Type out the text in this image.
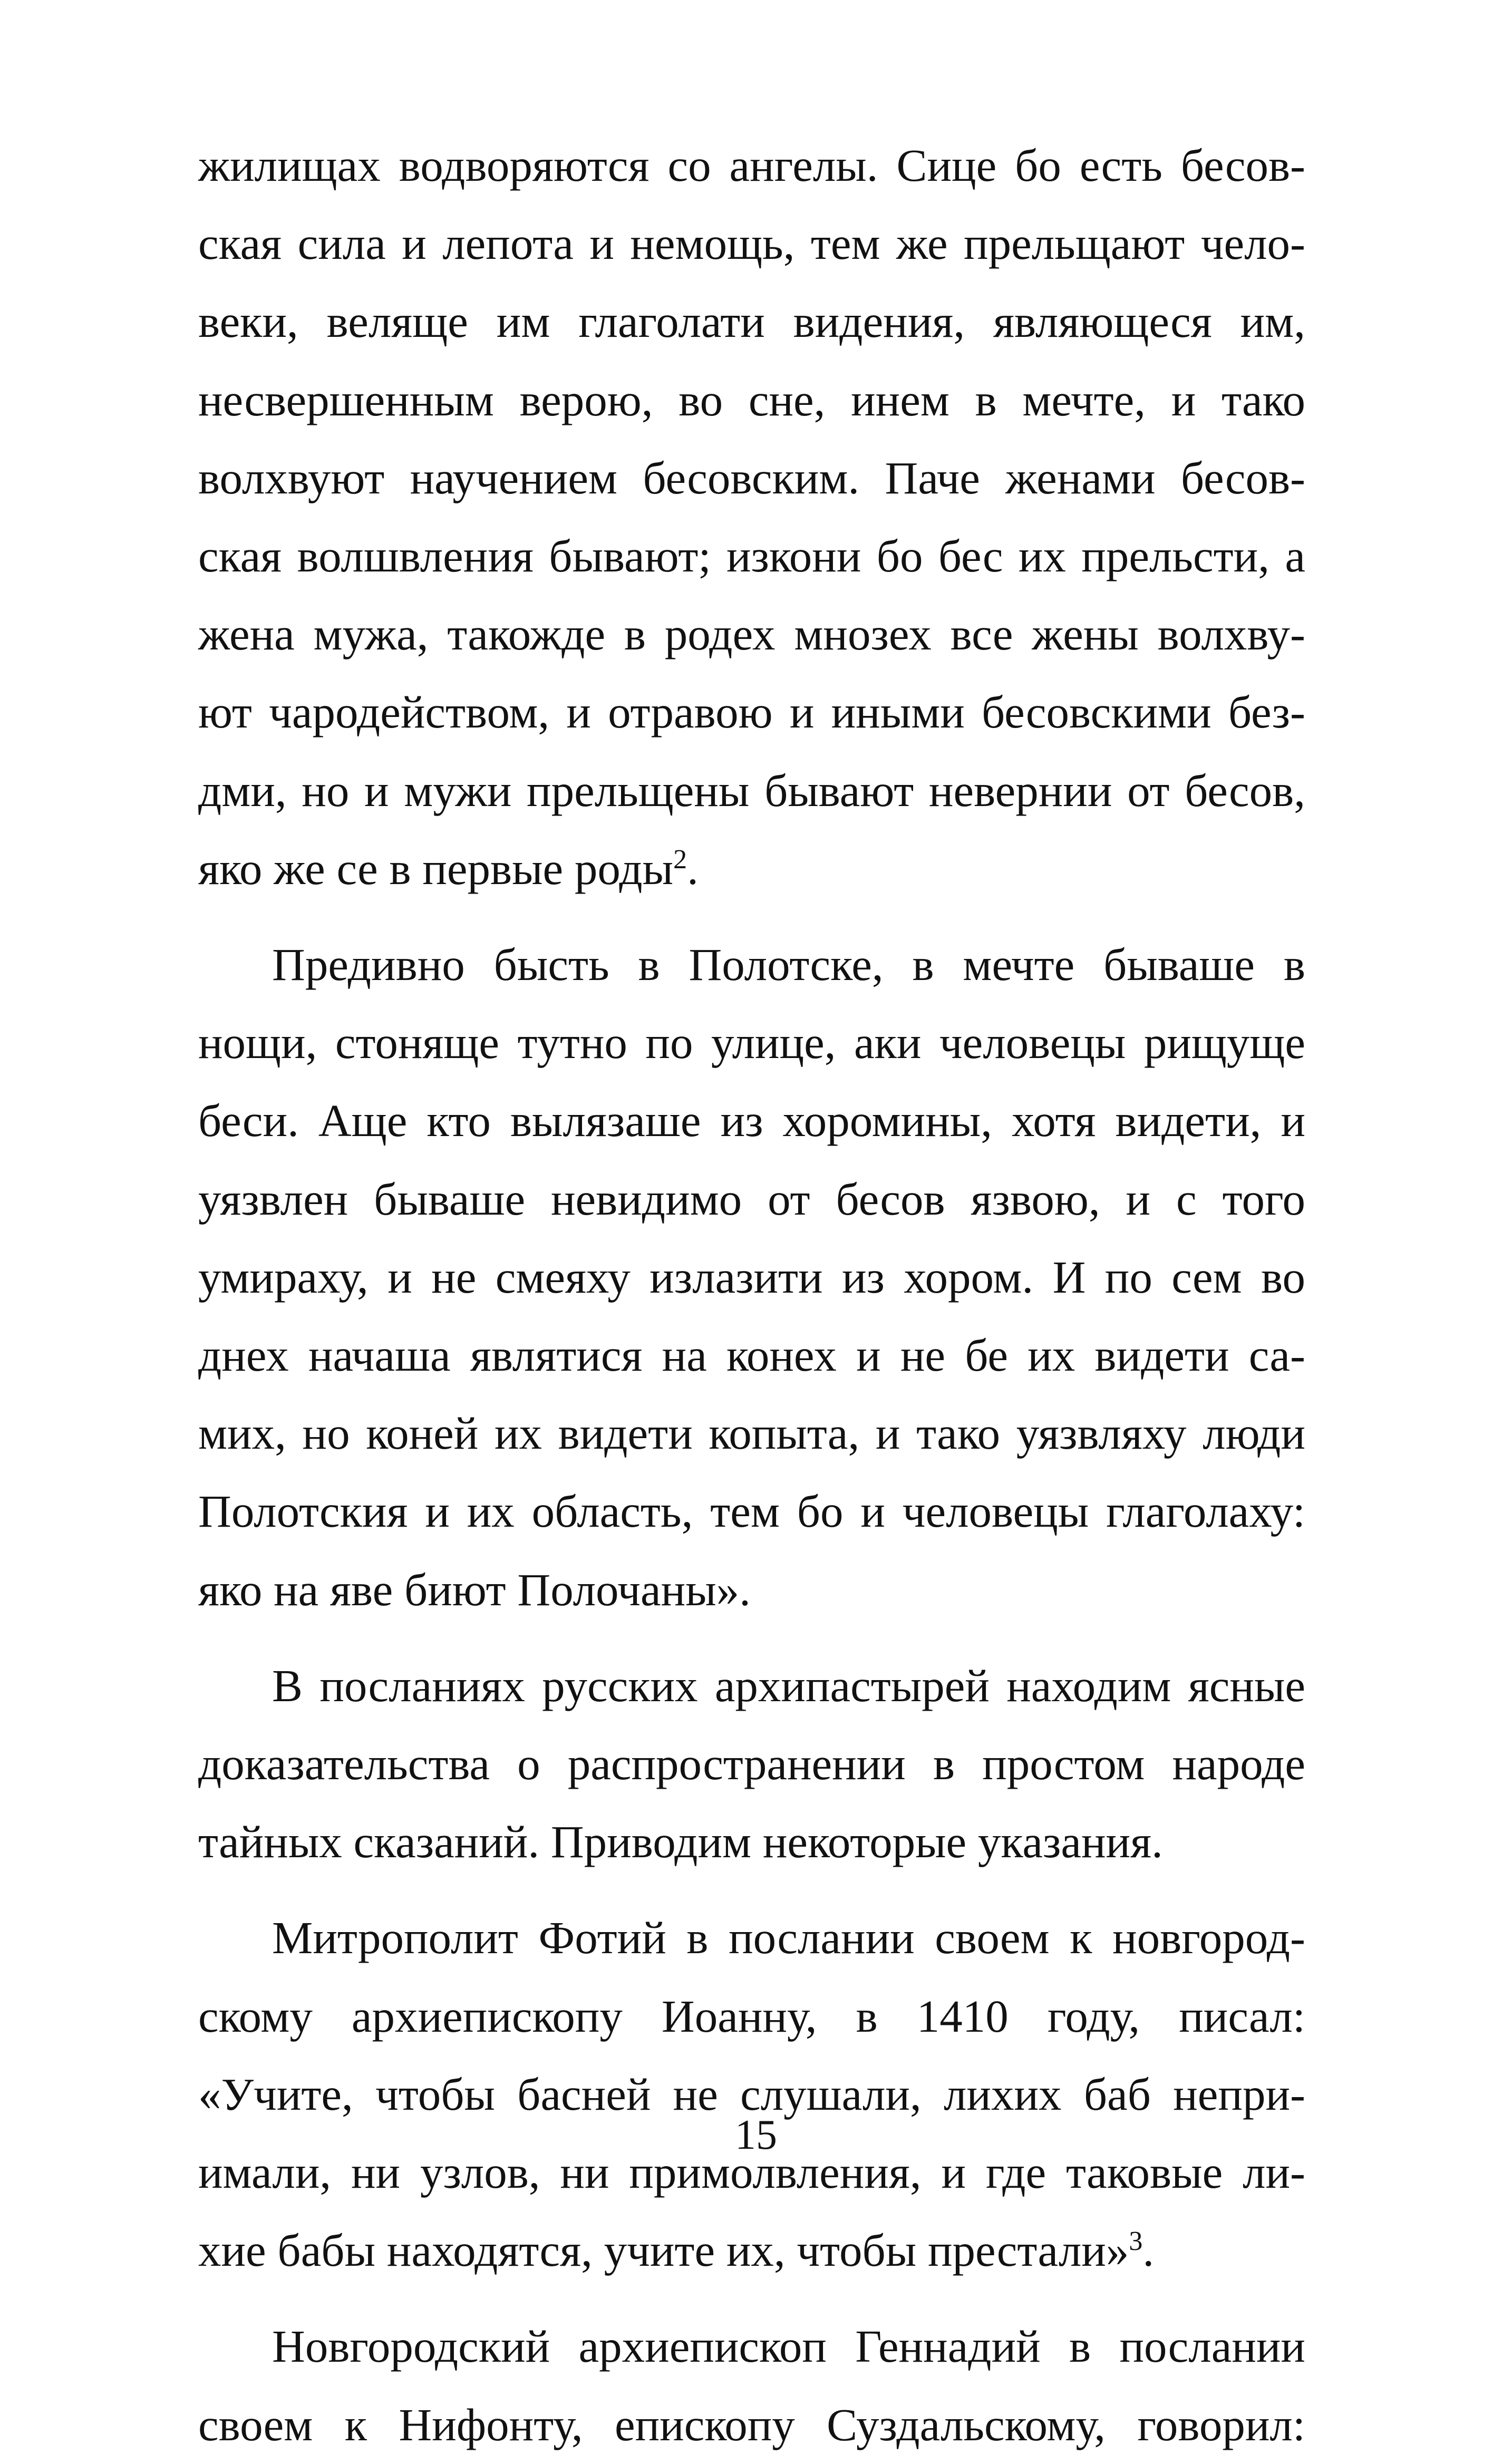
жилищах водворяются со ангелы. Сице бо есть бесов-
ская сила и лепота и немощь, тем же прельщают чело-
веки, веляще им глаголати видения, являющеся им,
несвершенным верою, во сне, инем в мечте, и тако
волхвуют научением бесовским. Паче женами бесов-
ская волшвления бывают; изкони бо бес их прельсти, а
жена мужа, такожде в родех мнозех все жены волхву-
ют чародейством, и отравою и иными бесовскими без-
дми, но и мужи прельщены бывают невернии от бесов,
яко же се в первые роды$^2$.

Предивно бысть в Полотске, в мечте бываше в
нощи, стоняще тутно по улице, аки человецы рищуще
беси. Аще кто вылязаше из хоромины, хотя видети, и
уязвлен бываше невидимо от бесов язвою, и с того
умираху, и не смеяху излазити из хором. И по сем во
днех начаша являтися на конех и не бе их видети са-
мих, но коней их видети копыта, и тако уязвляху люди
Полотския и их область, тем бо и человецы глаголаху:
яко на яве биют Полочаны».

В посланиях русских архипастырей находим ясные
доказательства о распространении в простом народе
тайных сказаний. Приводим некоторые указания.

Митрополит Фотий в послании своем к новгород-
скому архиепископу Иоанну, в 1410 году, писал:
«Учите, чтобы басней не слушали, лихих баб непри-
имали, ни узлов, ни примолвления, и где таковые ли-
хие бабы находятся, учите их, чтобы престали»$^3$.

Новгородский архиепископ Геннадий в послании
своем к Нифонту, епископу Суздальскому, говорил:

15
